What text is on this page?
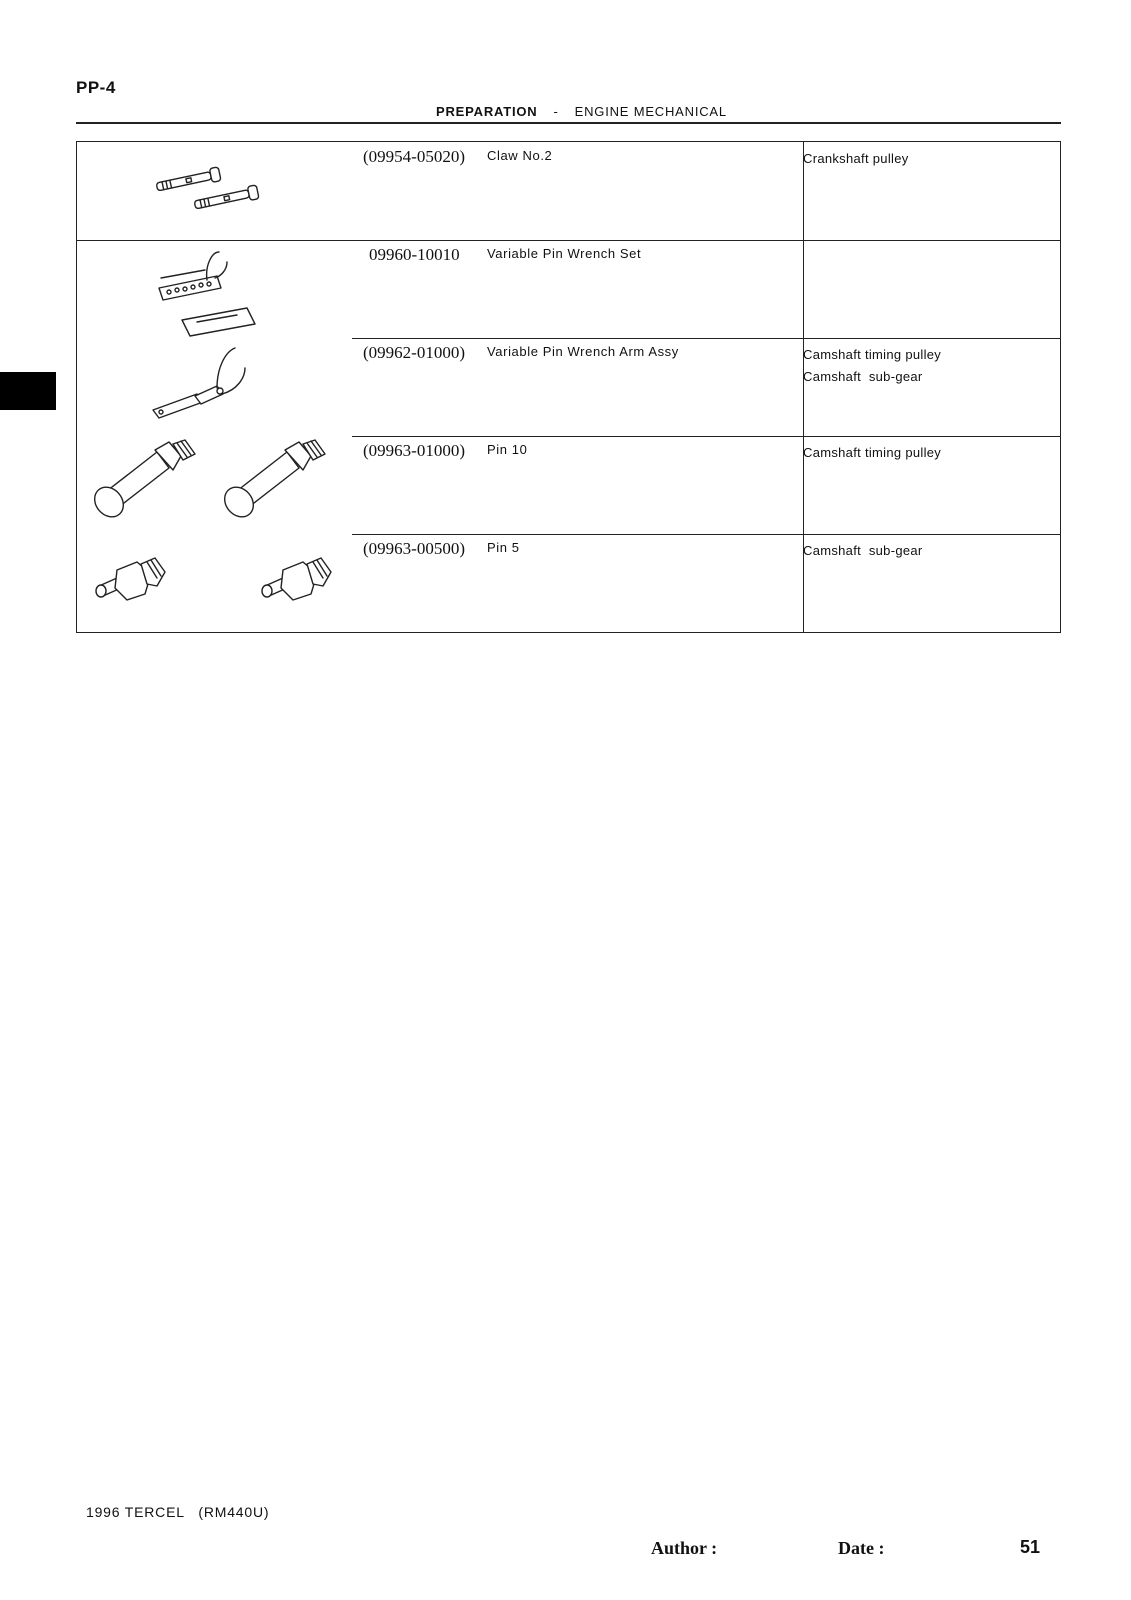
PP-4
PREPARATION - ENGINE MECHANICAL
(09954-05020) Claw No.2	Crankshaft pulley
09960-10010 Variable Pin Wrench Set
(09962-01000) Variable Pin Wrench Arm Assy	Camshaft timing pulley
Camshaft  sub-gear
(09963-01000) Pin 10	Camshaft timing pulley
(09963-00500) Pin 5	Camshaft  sub-gear
1996 TERCEL   (RM440U)
Author :	Date :	51
